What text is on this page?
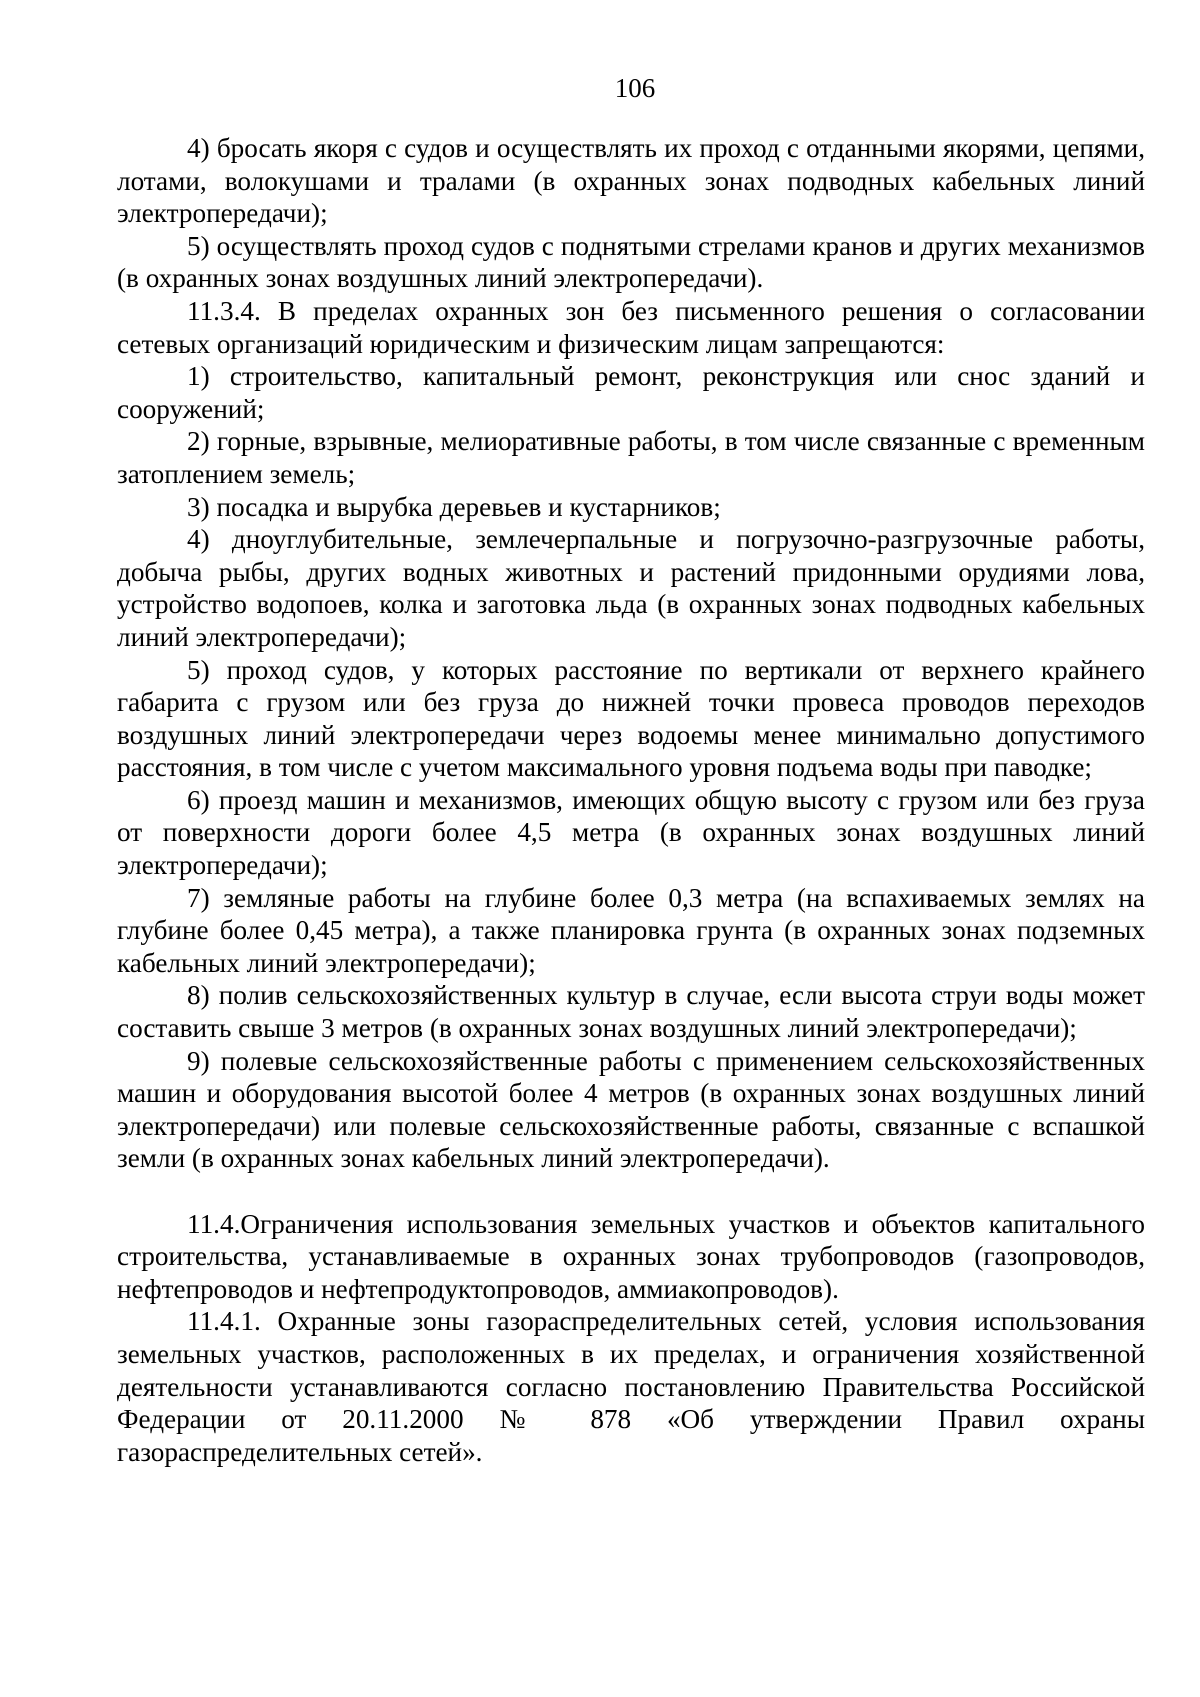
106

4) бросать якоря с судов и осуществлять их проход с отданными якорями, цепями, лотами, волокушами и тралами (в охранных зонах подводных кабельных линий электропередачи);

5) осуществлять проход судов с поднятыми стрелами кранов и других механизмов (в охранных зонах воздушных линий электропередачи).

11.3.4. В пределах охранных зон без письменного решения о согласовании сетевых организаций юридическим и физическим лицам запрещаются:

1) строительство, капитальный ремонт, реконструкция или снос зданий и сооружений;

2) горные, взрывные, мелиоративные работы, в том числе связанные с временным затоплением земель;

3) посадка и вырубка деревьев и кустарников;

4) дноуглубительные, землечерпальные и погрузочно-разгрузочные работы, добыча рыбы, других водных животных и растений придонными орудиями лова, устройство водопоев, колка и заготовка льда (в охранных зонах подводных кабельных линий электропередачи);

5) проход судов, у которых расстояние по вертикали от верхнего крайнего габарита с грузом или без груза до нижней точки провеса проводов переходов воздушных линий электропередачи через водоемы менее минимально допустимого расстояния, в том числе с учетом максимального уровня подъема воды при паводке;

6) проезд машин и механизмов, имеющих общую высоту с грузом или без груза от поверхности дороги более 4,5 метра (в охранных зонах воздушных линий электропередачи);

7) земляные работы на глубине более 0,3 метра (на вспахиваемых землях на глубине более 0,45 метра), а также планировка грунта (в охранных зонах подземных кабельных линий электропередачи);

8) полив сельскохозяйственных культур в случае, если высота струи воды может составить свыше 3 метров (в охранных зонах воздушных линий электропередачи);

9) полевые сельскохозяйственные работы с применением сельскохозяйственных машин и оборудования высотой более 4 метров (в охранных зонах воздушных линий электропередачи) или полевые сельскохозяйственные работы, связанные с вспашкой земли (в охранных зонах кабельных линий электропередачи).

11.4.Ограничения использования земельных участков и объектов капитального строительства, устанавливаемые в охранных зонах трубопроводов (газопроводов, нефтепроводов и нефтепродуктопроводов, аммиакопроводов).

11.4.1. Охранные зоны газораспределительных сетей, условия использования земельных участков, расположенных в их пределах, и ограничения хозяйственной деятельности устанавливаются согласно постановлению Правительства Российской Федерации от 20.11.2000 № 878 «Об утверждении Правил охраны газораспределительных сетей».
